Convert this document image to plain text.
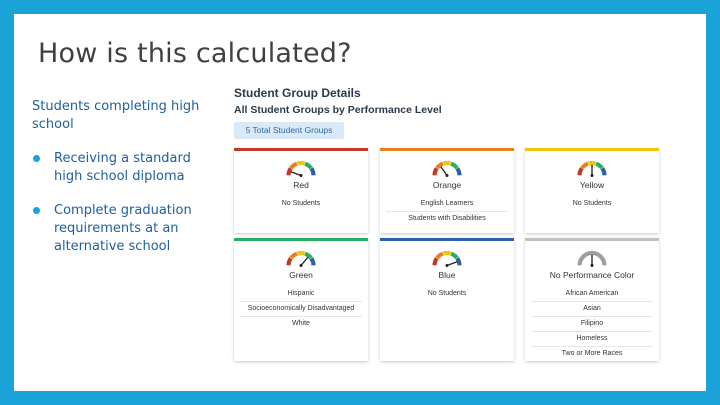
How is this calculated?
Students completing high school
Receiving a standard high school diploma
Complete graduation requirements at an alternative school
Student Group Details
All Student Groups by Performance Level
5 Total Student Groups
Red
No Students
Orange
English Learners
Students with Disabilities
Yellow
No Students
Green
Hispanic
Socioeconomically Disadvantaged
White
Blue
No Students
No Performance Color
African American
Asian
Filipino
Homeless
Two or More Races
